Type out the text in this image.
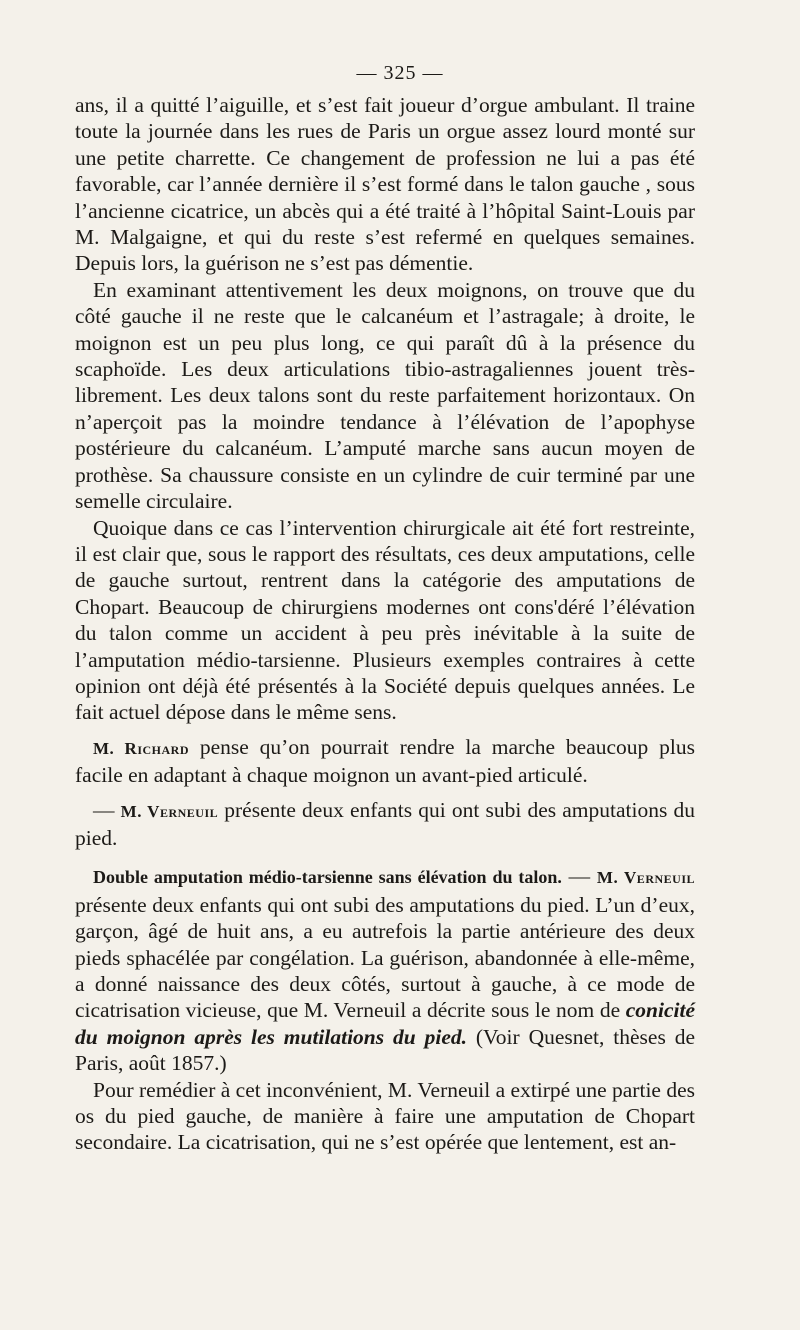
— 325 —

ans, il a quitté l’aiguille, et s’est fait joueur d’orgue ambulant. Il traine toute la journée dans les rues de Paris un orgue assez lourd monté sur une petite charrette. Ce changement de profession ne lui a pas été favorable, car l’année dernière il s’est formé dans le talon gauche , sous l’ancienne cicatrice, un abcès qui a été traité à l’hôpital Saint-Louis par M. Malgaigne, et qui du reste s’est refermé en quelques semaines. Depuis lors, la guérison ne s’est pas démentie.

En examinant attentivement les deux moignons, on trouve que du côté gauche il ne reste que le calcanéum et l’astragale; à droite, le moignon est un peu plus long, ce qui paraît dû à la présence du scaphoïde. Les deux articulations tibio-astragaliennes jouent très-librement. Les deux talons sont du reste parfaitement horizontaux. On n’aperçoit pas la moindre tendance à l’élévation de l’apophyse postérieure du calcanéum. L’amputé marche sans aucun moyen de prothèse. Sa chaussure consiste en un cylindre de cuir terminé par une semelle circulaire.

Quoique dans ce cas l’intervention chirurgicale ait été fort restreinte, il est clair que, sous le rapport des résultats, ces deux amputations, celle de gauche surtout, rentrent dans la catégorie des amputations de Chopart. Beaucoup de chirurgiens modernes ont cons'déré l’élévation du talon comme un accident à peu près inévitable à la suite de l’amputation médio-tarsienne. Plusieurs exemples contraires à cette opinion ont déjà été présentés à la Société depuis quelques années. Le fait actuel dépose dans le même sens.

M. Richard pense qu’on pourrait rendre la marche beaucoup plus facile en adaptant à chaque moignon un avant-pied articulé.

— M. Verneuil présente deux enfants qui ont subi des amputations du pied.

Double amputation médio-tarsienne sans élévation du talon. — M. Verneuil présente deux enfants qui ont subi des amputations du pied. L’un d’eux, garçon, âgé de huit ans, a eu autrefois la partie antérieure des deux pieds sphacélée par congélation. La guérison, abandonnée à elle-même, a donné naissance des deux côtés, surtout à gauche, à ce mode de cicatrisation vicieuse, que M. Verneuil a décrite sous le nom de conicité du moignon après les mutilations du pied. (Voir Quesnet, thèses de Paris, août 1857.)

Pour remédier à cet inconvénient, M. Verneuil a extirpé une partie des os du pied gauche, de manière à faire une amputation de Chopart secondaire. La cicatrisation, qui ne s’est opérée que lentement, est an-
